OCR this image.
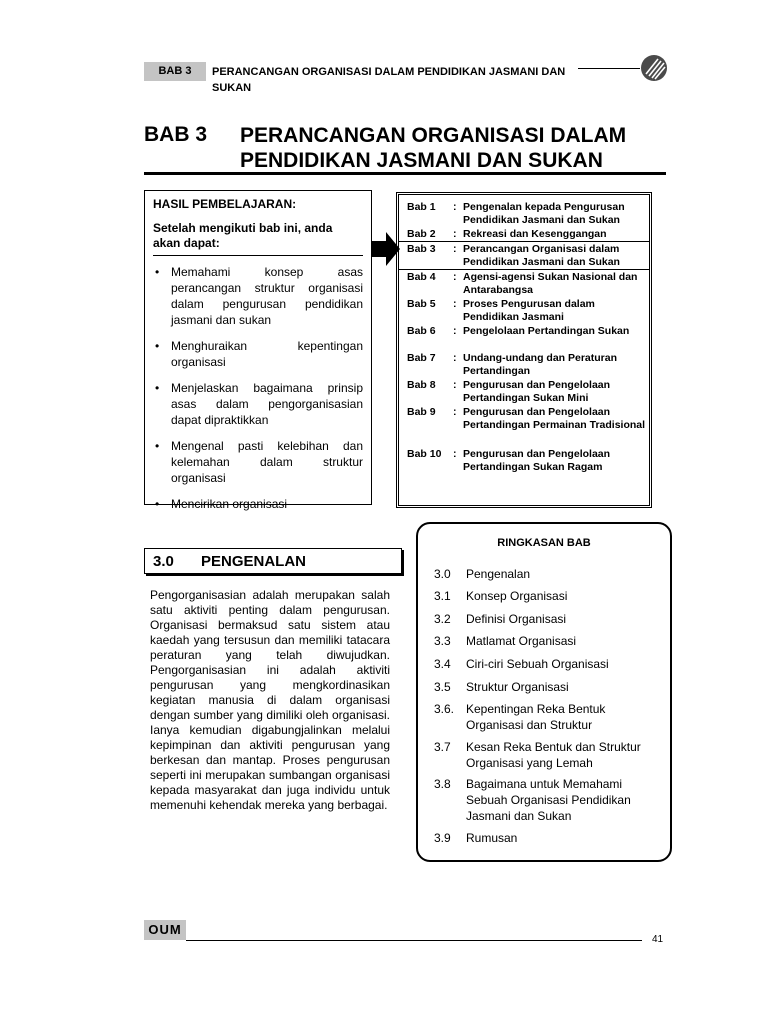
BAB 3	PERANCANGAN ORGANISASI DALAM PENDIDIKAN JASMANI DAN SUKAN
BAB 3 PERANCANGAN ORGANISASI DALAM PENDIDIKAN JASMANI DAN SUKAN
HASIL PEMBELAJARAN:
Setelah mengikuti bab ini, anda akan dapat:
• Memahami konsep asas perancangan struktur organisasi dalam pengurusan pendidikan jasmani dan sukan
• Menghuraikan kepentingan organisasi
• Menjelaskan bagaimana prinsip asas dalam pengorganisasian dapat dipraktikkan
• Mengenal pasti kelebihan dan kelemahan dalam struktur organisasi
• Mencirikan organisasi
Bab 1 : Pengenalan kepada Pengurusan Pendidikan Jasmani dan Sukan
Bab 2 : Rekreasi dan Kesenggangan
Bab 3 : Perancangan Organisasi dalam Pendidikan Jasmani dan Sukan
Bab 4 : Agensi-agensi Sukan Nasional dan Antarabangsa
Bab 5 : Proses Pengurusan dalam Pendidikan Jasmani
Bab 6 : Pengelolaan Pertandingan Sukan
Bab 7 : Undang-undang dan Peraturan Pertandingan
Bab 8 : Pengurusan dan Pengelolaan Pertandingan Sukan Mini
Bab 9 : Pengurusan dan Pengelolaan Pertandingan Permainan Tradisional
Bab 10 : Pengurusan dan Pengelolaan Pertandingan Sukan Ragam
RINGKASAN BAB
3.0 Pengenalan
3.1 Konsep Organisasi
3.2 Definisi Organisasi
3.3 Matlamat Organisasi
3.4 Ciri-ciri Sebuah Organisasi
3.5 Struktur Organisasi
3.6. Kepentingan Reka Bentuk Organisasi dan Struktur
3.7 Kesan Reka Bentuk dan Struktur Organisasi yang Lemah
3.8 Bagaimana untuk Memahami Sebuah Organisasi Pendidikan Jasmani dan Sukan
3.9 Rumusan
3.0 PENGENALAN
Pengorganisasian adalah merupakan salah satu aktiviti penting dalam pengurusan. Organisasi bermaksud satu sistem atau kaedah yang tersusun dan memiliki tatacara peraturan yang telah diwujudkan. Pengorganisasian ini adalah aktiviti pengurusan yang mengkordinasikan kegiatan manusia di dalam organisasi dengan sumber yang dimiliki oleh organisasi. Ianya kemudian digabungjalinkan melalui kepimpinan dan aktiviti pengurusan yang berkesan dan mantap. Proses pengurusan seperti ini merupakan sumbangan organisasi kepada masyarakat dan juga individu untuk memenuhi kehendak mereka yang berbagai.
OUM
41
